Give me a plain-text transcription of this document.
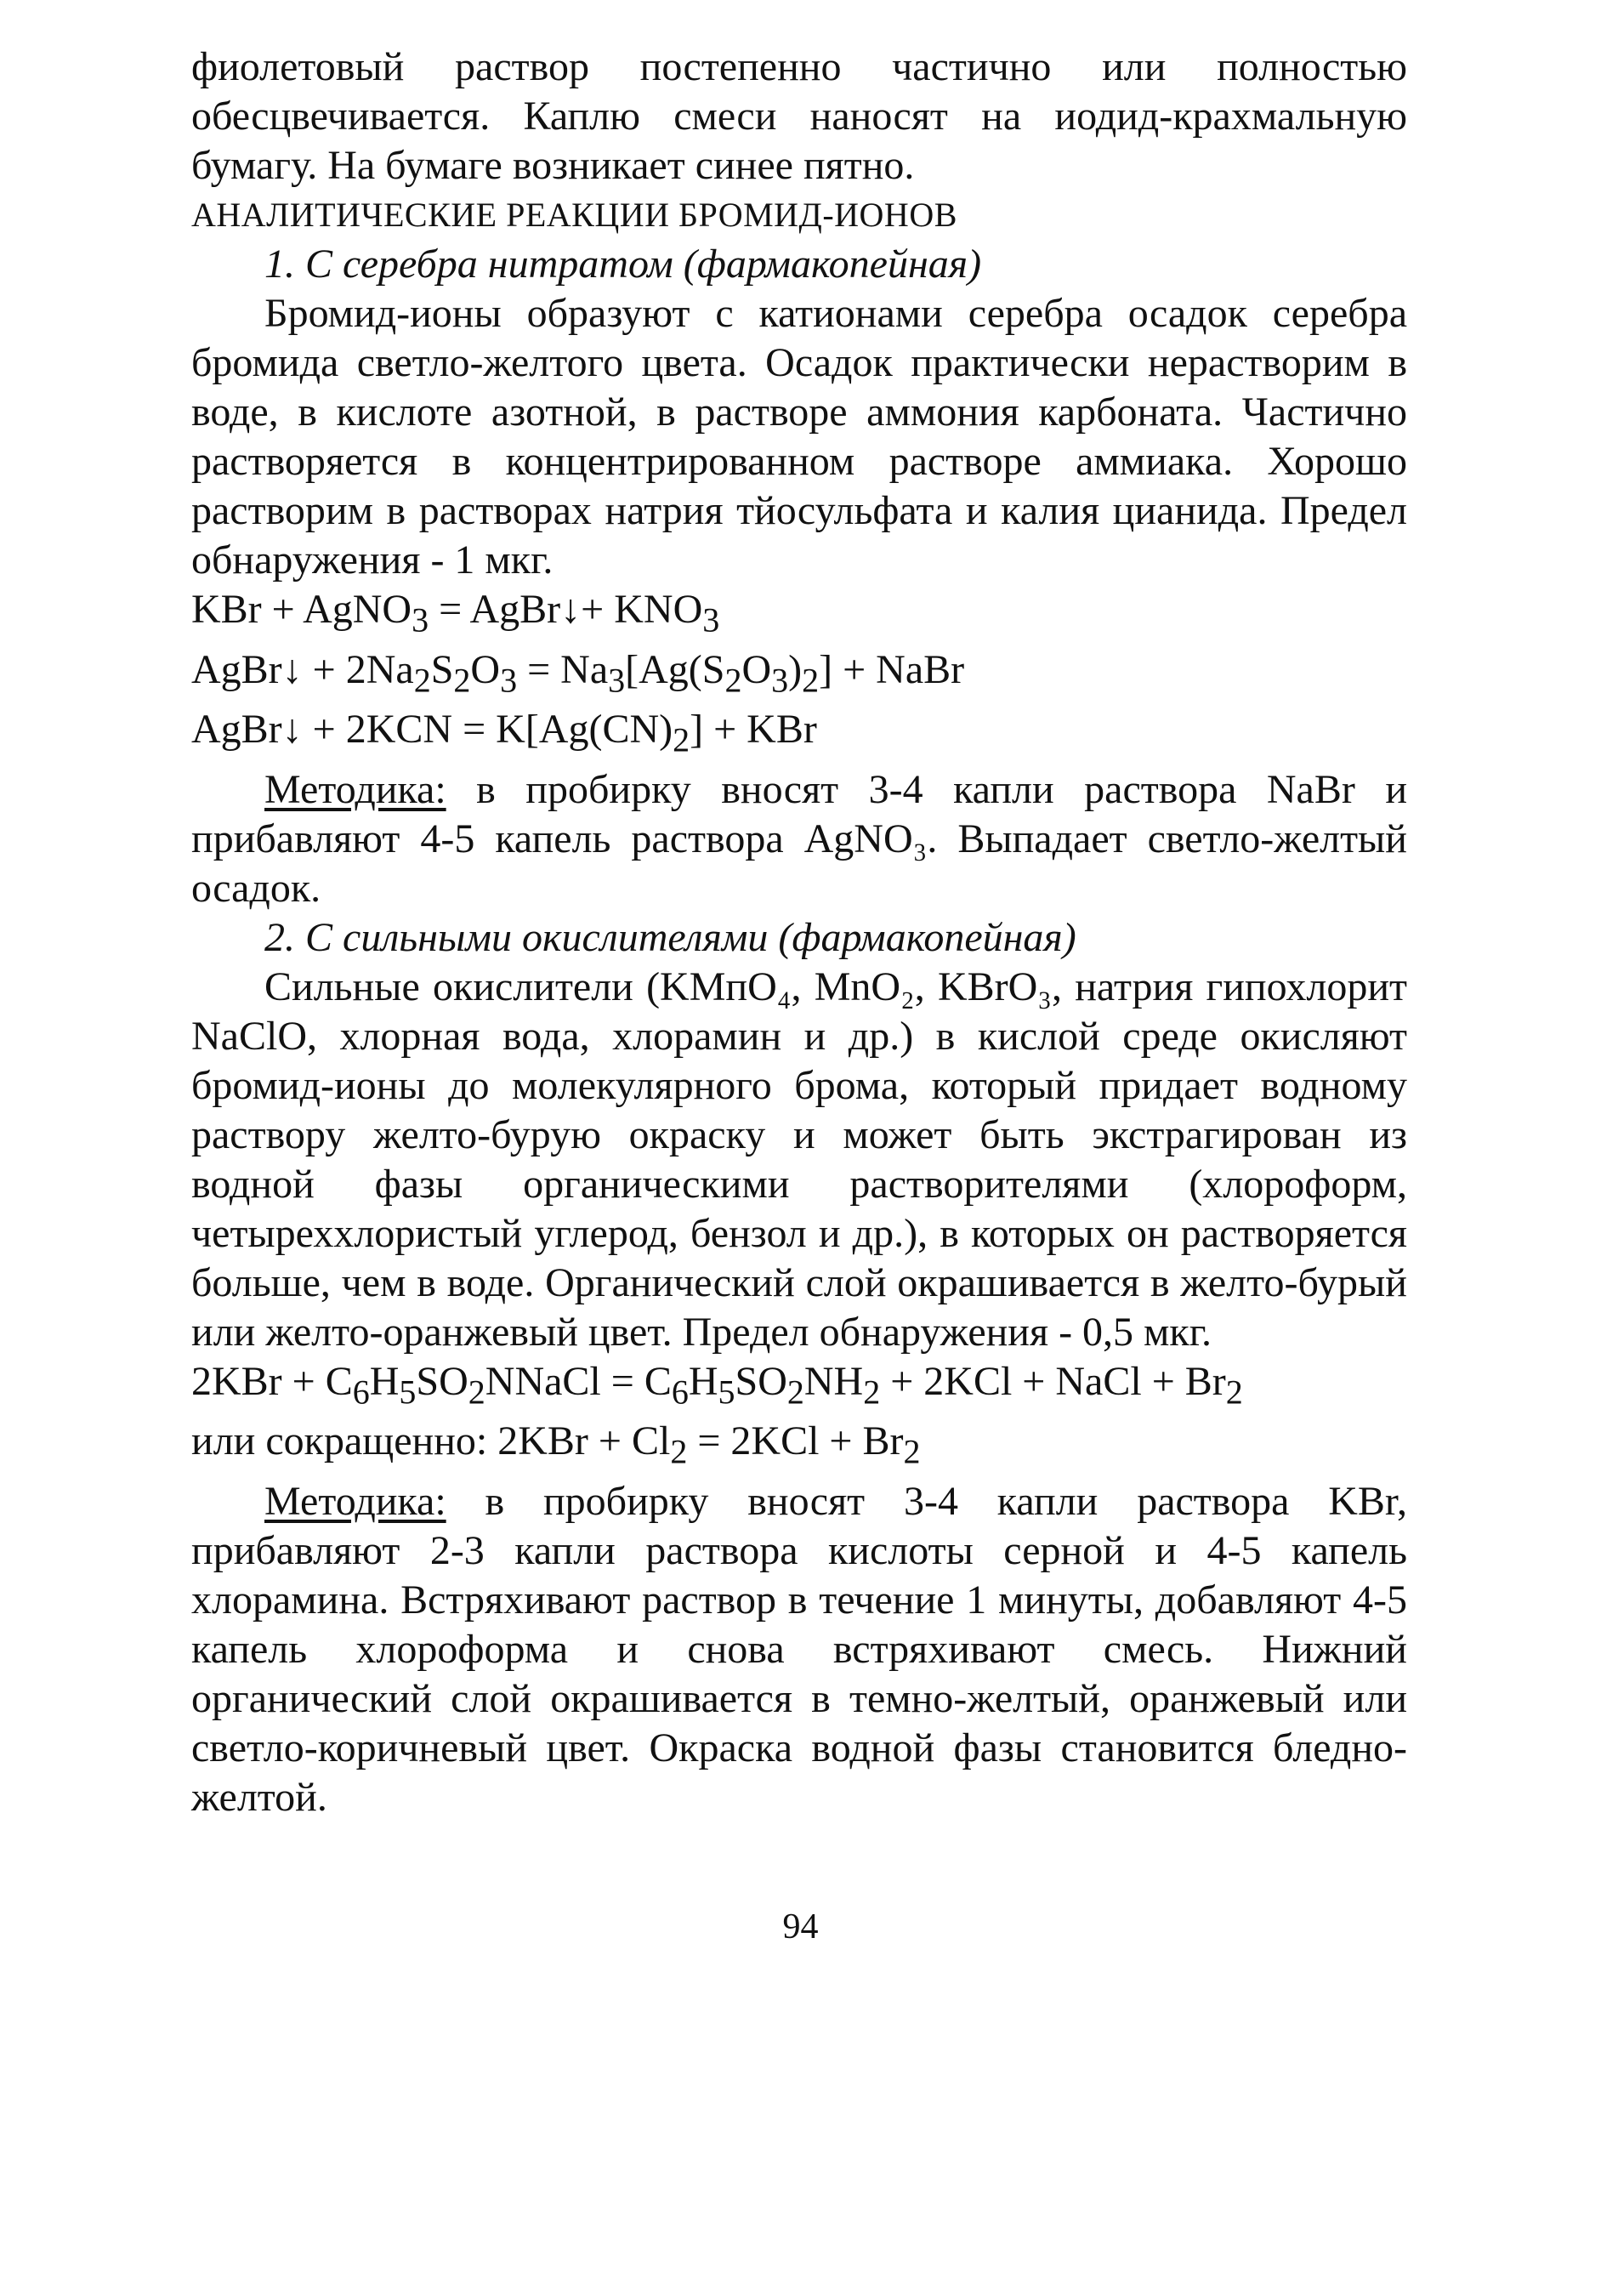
фиолетовый раствор постепенно частично или полностью обесцвечивается. Каплю смеси наносят на иодид-крахмальную бумагу. На бумаге возникает синее пятно.

АНАЛИТИЧЕСКИЕ РЕАКЦИИ БРОМИД-ИОНОВ

1. С серебра нитратом (фармакопейная)

Бромид-ионы образуют с катионами серебра осадок серебра бромида светло-желтого цвета. Осадок практически нерастворим в воде, в кислоте азотной, в растворе аммония карбоната. Частично растворяется в концентрированном растворе аммиака. Хорошо растворим в растворах натрия тйосульфата и калия цианида. Предел обнаружения - 1 мкг.

KBr + AgNO$_3$ = AgBr↓+ $KNO_3$

AgBr↓ + $2Na_2S_2O_3 = Na_3[Ag(S_2O_3)_2]$ + NaBr

AgBr↓ + $2KCN = K[Ag(CN)_2]$ + KBr

Методика: в пробирку вносят 3-4 капли раствора NaBr и прибавляют 4-5 капель раствора AgNO₃. Выпадает светло-желтый осадок.

2. С сильными окислителями (фармакопейная)

Сильные окислители (KMпO₄, MnO₂, KBrO₃, натрия гипохлорит NaClO, хлорная вода, хлорамин и др.) в кислой среде окисляют бромид-ионы до молекулярного брома, который придает водному раствору желто-бурую окраску и может быть экстрагирован из водной фазы органическими растворителями (хлороформ, четыреххлористый углерод, бензол и др.), в которых он растворяется больше, чем в воде. Органический слой окрашивается в желто-бурый или желто-оранжевый цвет. Предел обнаружения - 0,5 мкг.

$2KBr + C_6H_5SO_2NNaCl = C_6H_5SO_2NH_2 + 2KCl$ + NaCl + $Br_2$

или сокращенно: $2KBr + Cl_2 = 2KCl + Br_2$

Методика: в пробирку вносят 3-4 капли раствора KBr, прибавляют 2-3 капли раствора кислоты серной и 4-5 капель хлорамина. Встряхивают раствор в течение 1 минуты, добавляют 4-5 капель хлороформа и снова встряхивают смесь. Нижний органический слой окрашивается в темно-желтый, оранжевый или светло-коричневый цвет. Окраска водной фазы становится бледно-желтой.

94
